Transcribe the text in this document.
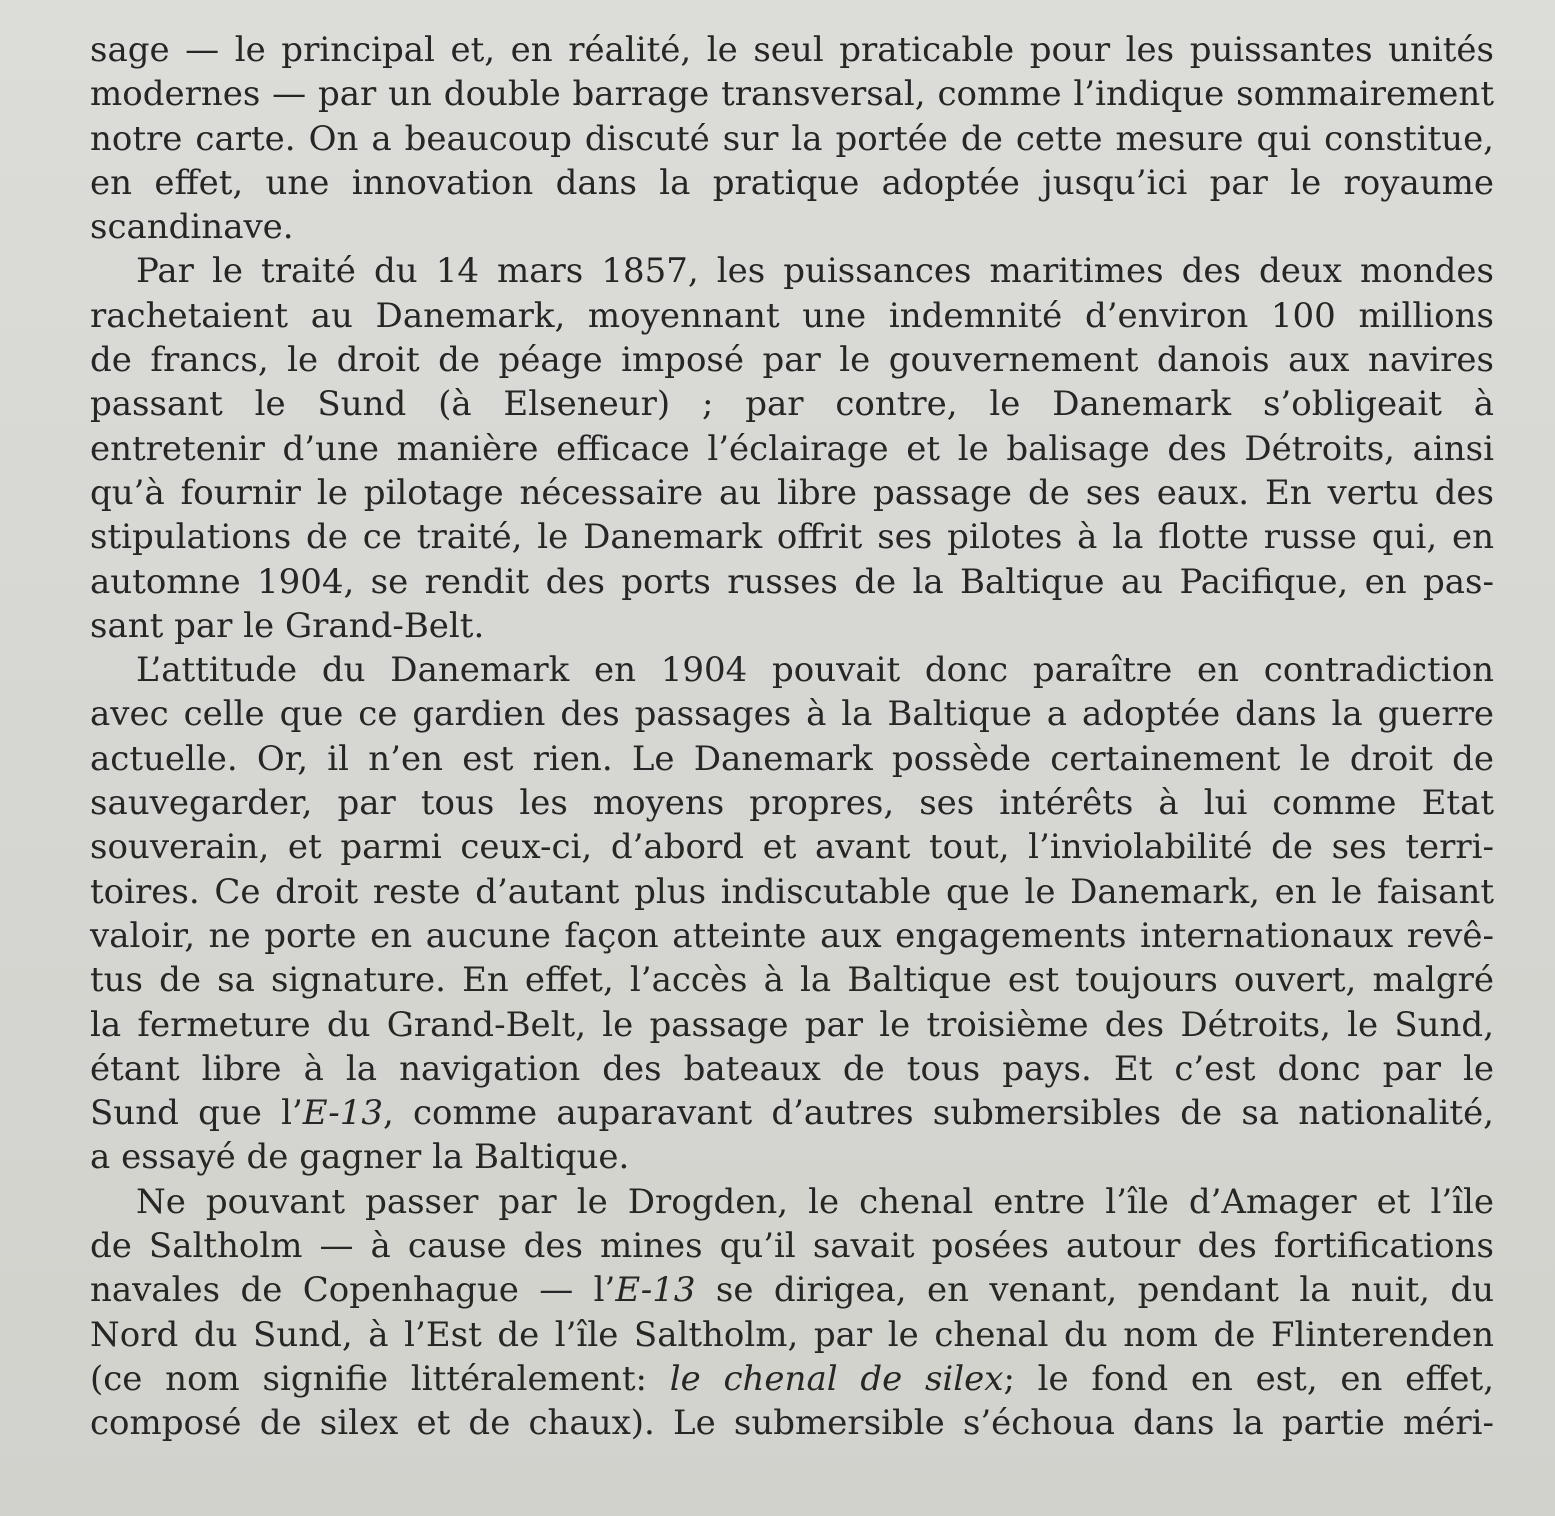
sage — le principal et, en réalité, le seul praticable pour les puissantes unités
modernes — par un double barrage transversal, comme l’indique sommairement
notre carte. On a beaucoup discuté sur la portée de cette mesure qui constitue,
en effet, une innovation dans la pratique adoptée jusqu’ici par le royaume
scandinave.
Par le traité du 14 mars 1857, les puissances maritimes des deux mondes
rachetaient au Danemark, moyennant une indemnité d’environ 100 millions
de francs, le droit de péage imposé par le gouvernement danois aux navires
passant le Sund (à Elseneur) ; par contre, le Danemark s’obligeait à
entretenir d’une manière efficace l’éclairage et le balisage des Détroits, ainsi
qu’à fournir le pilotage nécessaire au libre passage de ses eaux. En vertu des
stipulations de ce traité, le Danemark offrit ses pilotes à la flotte russe qui, en
automne 1904, se rendit des ports russes de la Baltique au Pacifique, en pas-
sant par le Grand-Belt.
L’attitude du Danemark en 1904 pouvait donc paraître en contradiction
avec celle que ce gardien des passages à la Baltique a adoptée dans la guerre
actuelle. Or, il n’en est rien. Le Danemark possède certainement le droit de
sauvegarder, par tous les moyens propres, ses intérêts à lui comme Etat
souverain, et parmi ceux-ci, d’abord et avant tout, l’inviolabilité de ses terri-
toires. Ce droit reste d’autant plus indiscutable que le Danemark, en le faisant
valoir, ne porte en aucune façon atteinte aux engagements internationaux revê-
tus de sa signature. En effet, l’accès à la Baltique est toujours ouvert, malgré
la fermeture du Grand-Belt, le passage par le troisième des Détroits, le Sund,
étant libre à la navigation des bateaux de tous pays. Et c’est donc par le
Sund que l’E-13, comme auparavant d’autres submersibles de sa nationalité,
a essayé de gagner la Baltique.
Ne pouvant passer par le Drogden, le chenal entre l’île d’Amager et l’île
de Saltholm — à cause des mines qu’il savait posées autour des fortifications
navales de Copenhague — l’E-13 se dirigea, en venant, pendant la nuit, du
Nord du Sund, à l’Est de l’île Saltholm, par le chenal du nom de Flinterenden
(ce nom signifie littéralement: le chenal de silex; le fond en est, en effet,
composé de silex et de chaux). Le submersible s’échoua dans la partie méri-
